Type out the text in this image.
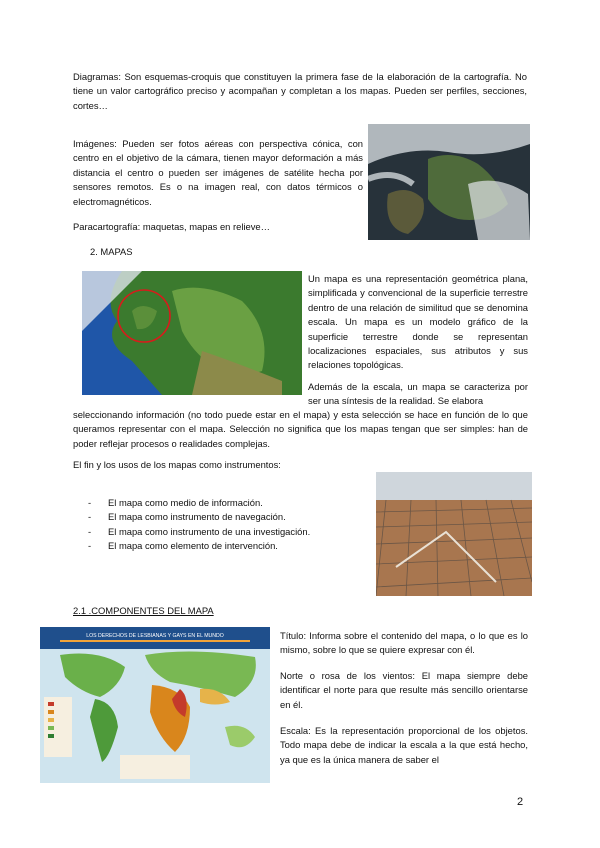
Diagramas: Son esquemas-croquis que constituyen la primera fase de la elaboración de la cartografía. No tiene un valor cartográfico preciso y acompañan y completan a los mapas. Pueden ser perfiles, secciones, cortes…

Imágenes: Pueden ser fotos aéreas con perspectiva cónica, con centro en el objetivo de la cámara, tienen mayor deformación a más distancia el centro o pueden ser imágenes de satélite hecha por sensores remotos. Es o na imagen real, con datos térmicos o electromagnéticos.

Paracartografía: maquetas, mapas en relieve…

2. MAPAS

Un mapa es una representación geométrica plana, simplificada y convencional de la superficie terrestre dentro de una relación de similitud que se denomina escala. Un mapa es un modelo gráfico de la superficie terrestre donde se representan localizaciones espaciales, sus atributos y sus relaciones topológicas.

Además de la escala, un mapa se caracteriza por ser una síntesis de la realidad. Se elabora

seleccionando información (no todo puede estar en el mapa) y esta selección se hace en función de lo que queramos representar con el mapa. Selección no significa que los mapas tengan que ser simples: han de poder reflejar procesos o realidades complejas.

El fin y los usos de los mapas como instrumentos:

- El mapa como medio de información.
- El mapa como instrumento de navegación.
- El mapa como instrumento de una investigación.
- El mapa como elemento de intervención.

2.1 .COMPONENTES DEL MAPA

LOS DERECHOS DE LESBIANAS Y GAYS EN EL MUNDO	Título: Informa sobre el contenido del mapa, o lo que es lo mismo, sobre lo que se quiere expresar con él.

Norte o rosa de los vientos: El mapa siempre debe identificar el norte para que resulte más sencillo orientarse en él.

Escala: Es la representación proporcional de los objetos. Todo mapa debe de indicar la escala a la que está hecho, ya que es la única manera de saber el

2
